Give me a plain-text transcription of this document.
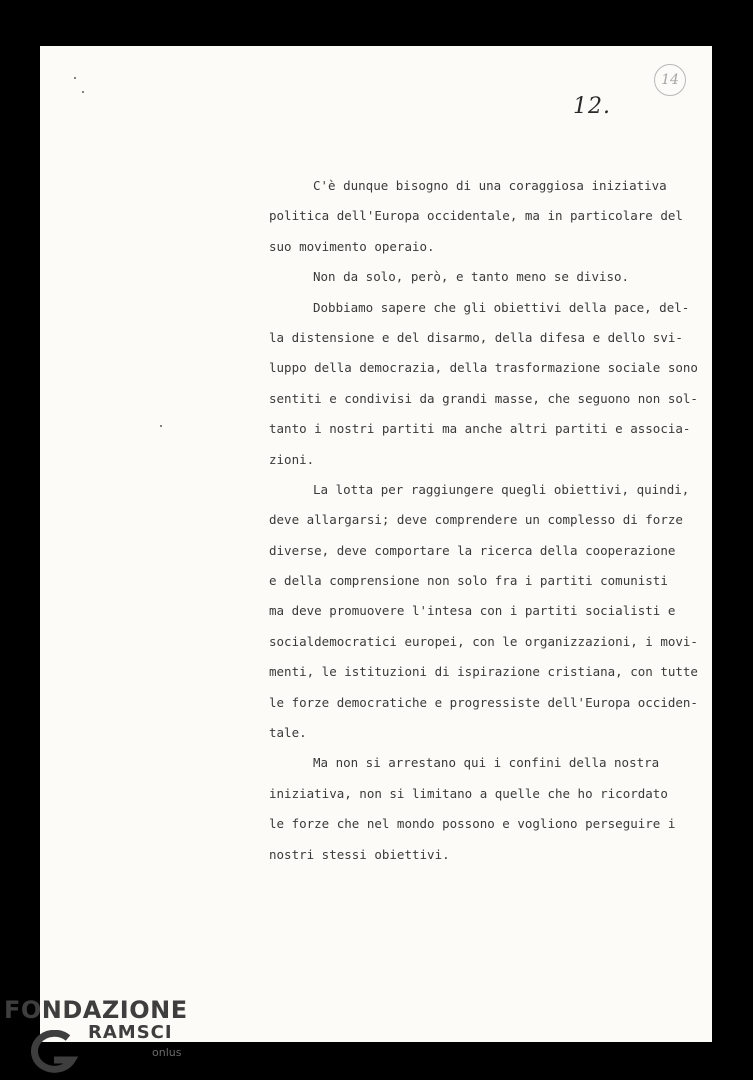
12.
14
C'è dunque bisogno di una coraggiosa iniziativa
politica dell'Europa occidentale, ma in particolare del
suo movimento operaio.
Non da solo, però, e tanto meno se diviso.
Dobbiamo sapere che gli obiettivi della pace, del-
la distensione e del disarmo, della difesa e dello svi-
luppo della democrazia, della trasformazione sociale sono
sentiti e condivisi da grandi masse, che seguono non sol-
tanto i nostri partiti ma anche altri partiti e associa-
zioni.
La lotta per raggiungere quegli obiettivi, quindi,
deve allargarsi; deve comprendere un complesso di forze
diverse, deve comportare la ricerca della cooperazione
e della comprensione non solo fra i partiti comunisti
ma deve promuovere l'intesa con i partiti socialisti e
socialdemocratici europei, con le organizzazioni, i movi-
menti, le istituzioni di ispirazione cristiana, con tutte
le forze democratiche e progressiste dell'Europa occiden-
tale.
Ma non si arrestano qui i confini della nostra
iniziativa, non si limitano a quelle che ho ricordato
le forze che nel mondo possono e vogliono perseguire i
nostri stessi obiettivi.
FONDAZIONE
RAMSCI
onlus
